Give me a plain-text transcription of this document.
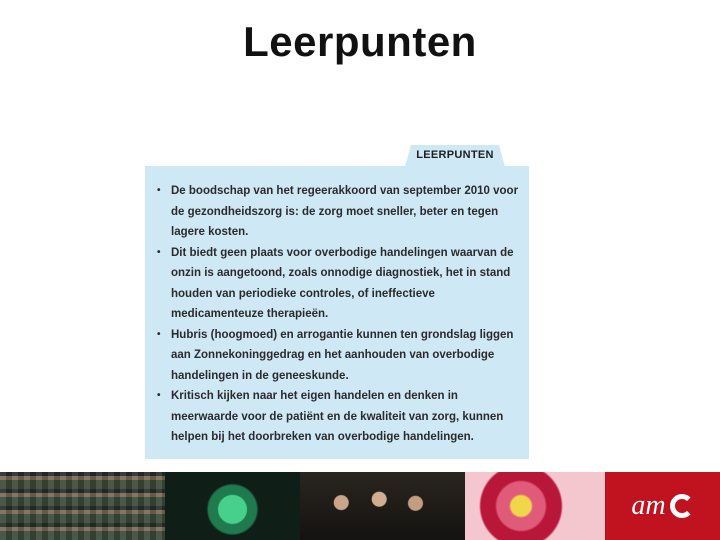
Leerpunten
LEERPUNTEN
• De boodschap van het regeerakkoord van september 2010 voor de gezondheidszorg is: de zorg moet sneller, beter en tegen lagere kosten.
• Dit biedt geen plaats voor overbodige handelingen waarvan de onzin is aangetoond, zoals onnodige diagnostiek, het in stand houden van periodieke controles, of ineffectieve medicamenteuze therapieën.
• Hubris (hoogmoed) en arrogantie kunnen ten grondslag liggen aan Zonnekoninggedrag en het aanhouden van overbodige handelingen in de geneeskunde.
• Kritisch kijken naar het eigen handelen en denken in meerwaarde voor de patiënt en de kwaliteit van zorg, kunnen helpen bij het doorbreken van overbodige handelingen.
am
